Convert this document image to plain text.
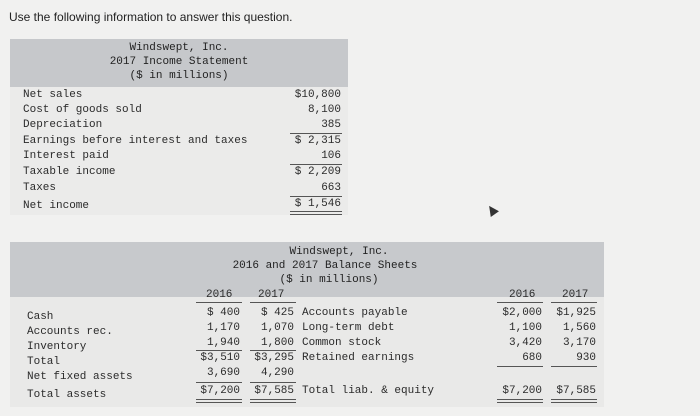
Use the following information to answer this question.
Windswept, Inc.
2017 Income Statement
($ in millions)
Net sales
Cost of goods sold
Depreciation
Earnings before interest and taxes
Interest paid
Taxable income
Taxes
Net income
$10,800
8,100
385
$ 2,315
106
$ 2,209
663
$ 1,546
Windswept, Inc.
2016 and 2017 Balance Sheets
($ in millions)
2016 2017	2016 2017
Cash
Accounts rec.
Inventory
Total
Net fixed assets
Total assets
$ 400
1,170
1,940
$3,510
3,690
$7,200
$ 425
1,070
1,800
$3,295
4,290
$7,585
Accounts payable
Long-term debt
Common stock
Retained earnings
Total liab. & equity
$2,000
1,100
3,420
680
$7,200
$1,925
1,560
3,170
930
$7,585
